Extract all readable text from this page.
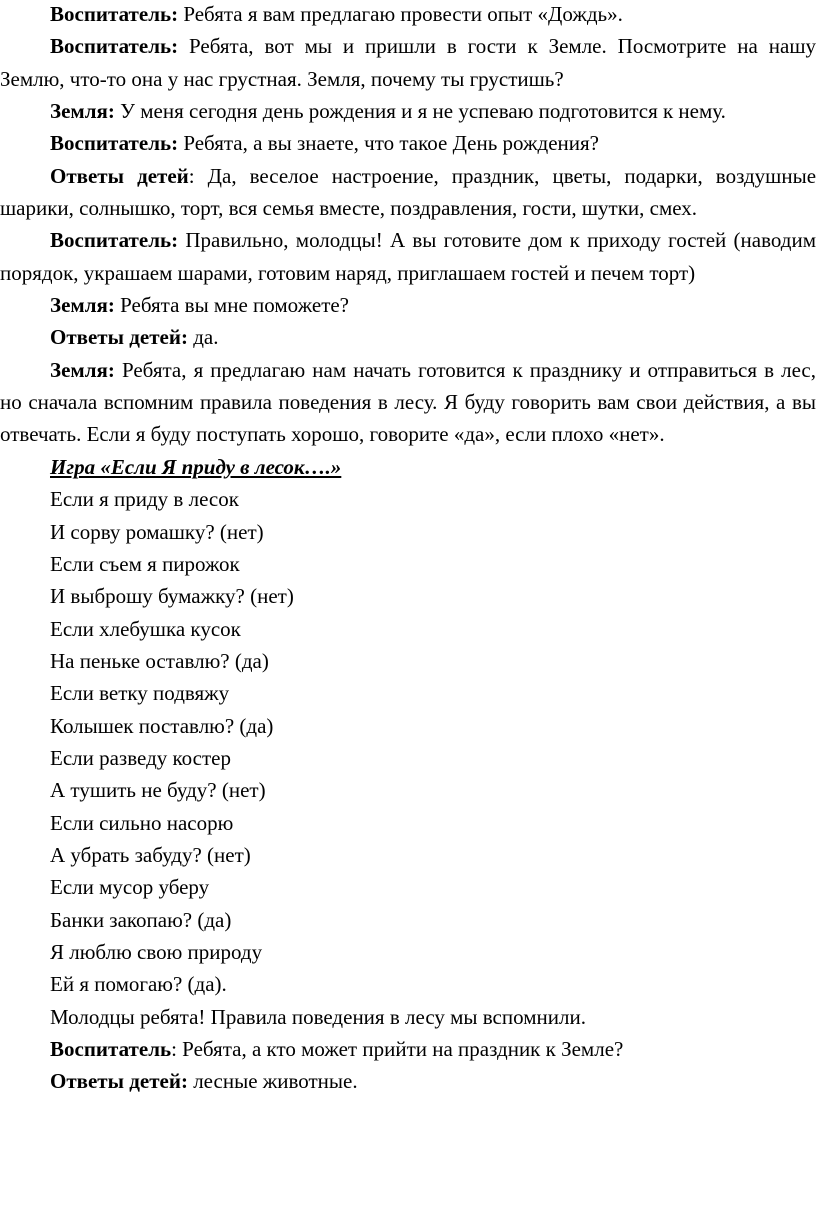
Воспитатель: Ребята я вам предлагаю провести опыт «Дождь».

Воспитатель: Ребята, вот мы и пришли в гости к Земле. Посмотрите на нашу Землю, что-то она у нас грустная. Земля, почему ты грустишь?

Земля: У меня сегодня день рождения и я не успеваю подготовится к нему.

Воспитатель: Ребята, а вы знаете, что такое День рождения?

Ответы детей: Да, веселое настроение, праздник, цветы, подарки, воздушные шарики, солнышко, торт, вся семья вместе, поздравления, гости, шутки, смех.

Воспитатель: Правильно, молодцы! А вы готовите дом к приходу гостей (наводим порядок, украшаем шарами, готовим наряд, приглашаем гостей и печем торт)

Земля: Ребята вы мне поможете?

Ответы детей: да.

Земля: Ребята, я предлагаю нам начать готовится к празднику и отправиться в лес, но сначала вспомним правила поведения в лесу. Я буду говорить вам свои действия, а вы отвечать. Если я буду поступать хорошо, говорите «да», если плохо «нет».

Игра «Если Я приду в лесок….»

Если я приду в лесок

И сорву ромашку? (нет)

Если съем я пирожок

И выброшу бумажку? (нет)

Если хлебушка кусок

На пеньке оставлю? (да)

Если ветку подвяжу

Колышек поставлю? (да)

Если разведу костер

А тушить не буду? (нет)

Если сильно насорю

А убрать забуду? (нет)

Если мусор уберу

Банки закопаю? (да)

Я люблю свою природу

Ей я помогаю? (да).

Молодцы ребята! Правила поведения в лесу мы вспомнили.

Воспитатель: Ребята, а кто может прийти на праздник к Земле?

Ответы детей: лесные животные.
